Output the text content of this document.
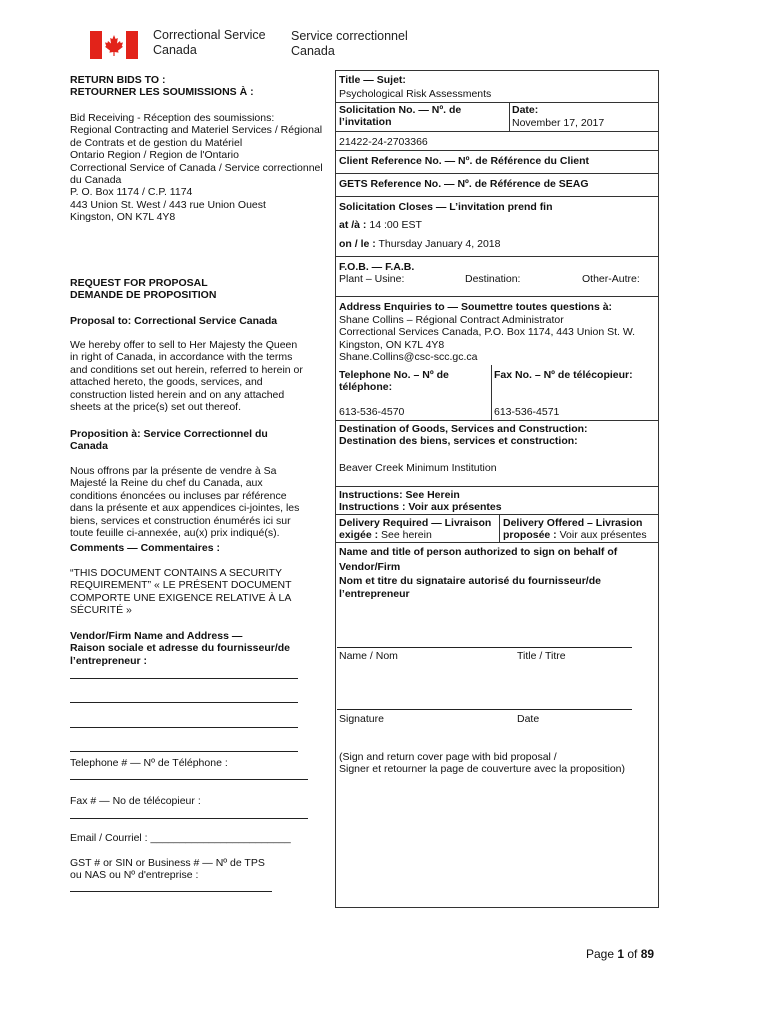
Correctional Service
Canada
Service correctionnel
Canada
RETURN BIDS TO :
RETOURNER LES SOUMISSIONS À :
Bid Receiving - Réception des soumissions:
Regional Contracting and Materiel Services / Régional
de Contrats et de gestion du Matériel
Ontario Region / Region de l'Ontario
Correctional Service of Canada / Service correctionnel
du Canada
P. O. Box 1174 / C.P. 1174
443 Union St. West / 443 rue Union Ouest
Kingston, ON K7L 4Y8
REQUEST FOR PROPOSAL
DEMANDE DE PROPOSITION
Proposal to: Correctional Service Canada
We hereby offer to sell to Her Majesty the Queen
in right of Canada, in accordance with the terms
and conditions set out herein, referred to herein or
attached hereto, the goods, services, and
construction listed herein and on any attached
sheets at the price(s) set out thereof.
Proposition à: Service Correctionnel du
Canada
Nous offrons par la présente de vendre à Sa
Majesté la Reine du chef du Canada, aux
conditions énoncées ou incluses par référence
dans la présente et aux appendices ci-jointes, les
biens, services et construction énumérés ici sur
toute feuille ci-annexée, au(x) prix indiqué(s).
Comments — Commentaires :
“THIS DOCUMENT CONTAINS A SECURITY
REQUIREMENT” « LE PRÉSENT DOCUMENT
COMPORTE UNE EXIGENCE RELATIVE À LA
SÉCURITÉ »
Vendor/Firm Name and Address —
Raison sociale et adresse du fournisseur/de
l’entrepreneur :
Telephone # — Nº de Téléphone :
Fax # — No de télécopieur :
Email / Courriel : ________________________
GST # or SIN or Business # — Nº de TPS
ou NAS ou Nº d'entreprise :
Title — Sujet:
Psychological Risk Assessments
Solicitation No. — Nº. de
l’invitation
Date:
November 17, 2017
21422-24-2703366
Client Reference No. — Nº. de Référence du Client
GETS Reference No. — Nº. de Référence de SEAG
Solicitation Closes — L’invitation prend fin
at /à : 14 :00 EST
on / le : Thursday January 4, 2018
F.O.B. — F.A.B.
Plant – Usine:	Destination:	Other-Autre:
Address Enquiries to — Soumettre toutes questions à:
Shane Collins – Régional Contract Administrator
Correctional Services Canada, P.O. Box 1174, 443 Union St. W.
Kingston, ON K7L 4Y8
Shane.Collins@csc-scc.gc.ca
Telephone No. – Nº de
téléphone:
613-536-4570
Fax No. – Nº de télécopieur:
613-536-4571
Destination of Goods, Services and Construction:
Destination des biens, services et construction:
Beaver Creek Minimum Institution
Instructions: See Herein
Instructions : Voir aux présentes
Delivery Required — Livraison
exigée : See herein
Delivery Offered – Livrasion
proposée : Voir aux présentes
Name and title of person authorized to sign on behalf of
Vendor/Firm
Nom et titre du signataire autorisé du fournisseur/de
l’entrepreneur
Name / Nom	Title / Titre
Signature	Date
(Sign and return cover page with bid proposal /
Signer et retourner la page de couverture avec la proposition)
Page 1 of 89
